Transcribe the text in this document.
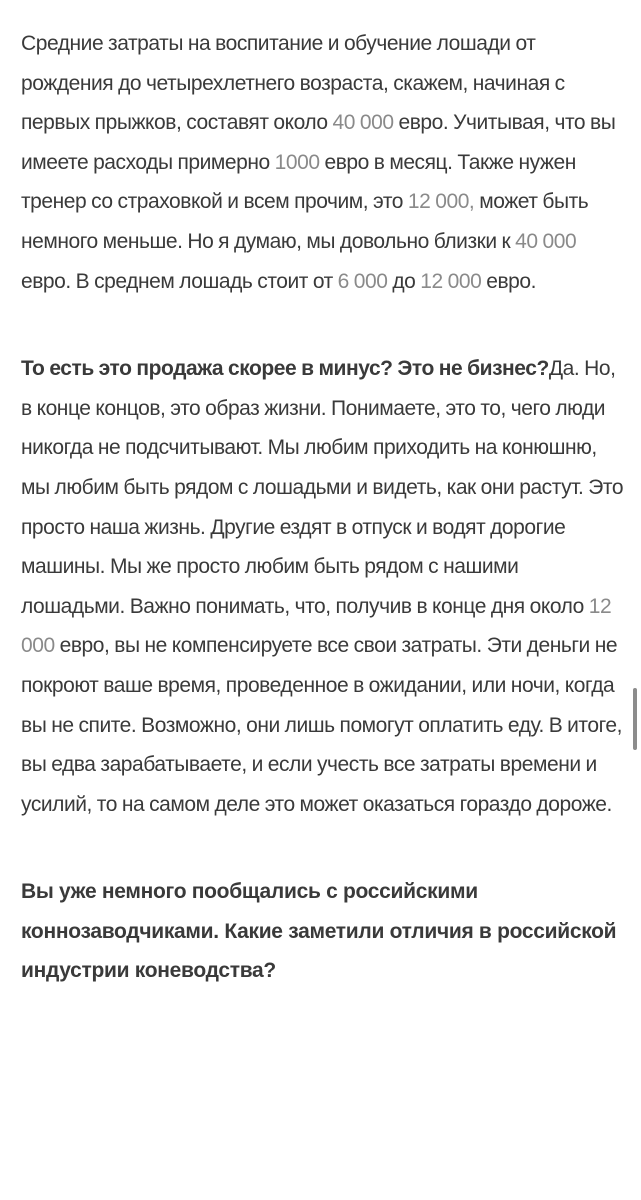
Средние затраты на воспитание и обучение лошади от рождения до четырехлетнего возраста, скажем, начиная с первых прыжков, составят около 40 000 евро. Учитывая, что вы имеете расходы примерно 1000 евро в месяц. Также нужен тренер со страховкой и всем прочим, это 12 000, может быть немного меньше. Но я думаю, мы довольно близки к 40 000 евро. В среднем лошадь стоит от 6 000 до 12 000 евро.

То есть это продажа скорее в минус? Это не бизнес?Да. Но, в конце концов, это образ жизни. Понимаете, это то, чего люди никогда не подсчитывают. Мы любим приходить на конюшню, мы любим быть рядом с лошадьми и видеть, как они растут. Это просто наша жизнь. Другие ездят в отпуск и водят дорогие машины. Мы же просто любим быть рядом с нашими лошадьми. Важно понимать, что, получив в конце дня около 12 000 евро, вы не компенсируете все свои затраты. Эти деньги не покроют ваше время, проведенное в ожидании, или ночи, когда вы не спите. Возможно, они лишь помогут оплатить еду. В итоге, вы едва зарабатываете, и если учесть все затраты времени и усилий, то на самом деле это может оказаться гораздо дороже.

Вы уже немного пообщались с российскими коннозаводчиками. Какие заметили отличия в российской индустрии коневодства?
